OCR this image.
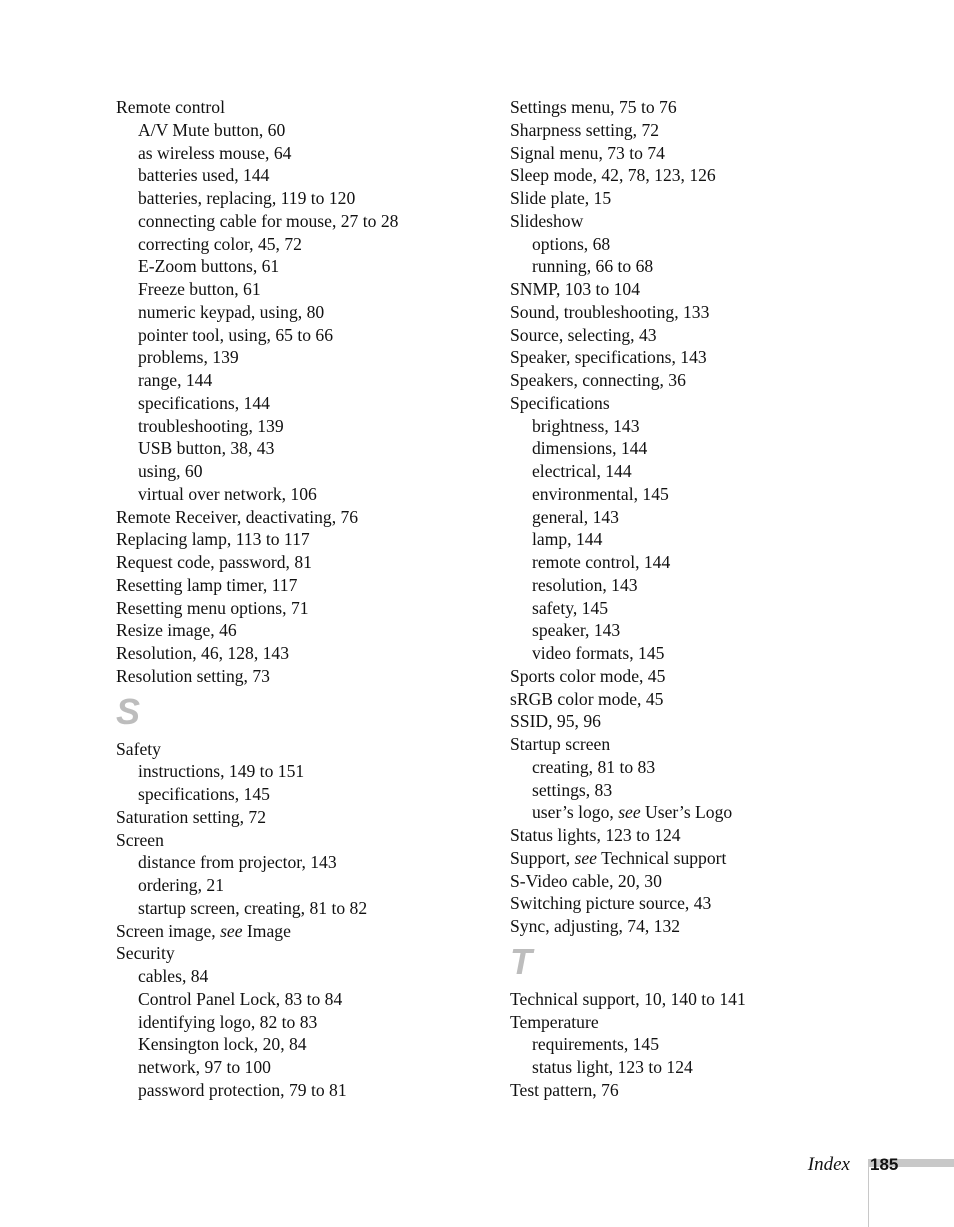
Remote control
A/V Mute button, 60
as wireless mouse, 64
batteries used, 144
batteries, replacing, 119 to 120
connecting cable for mouse, 27 to 28
correcting color, 45, 72
E-Zoom buttons, 61
Freeze button, 61
numeric keypad, using, 80
pointer tool, using, 65 to 66
problems, 139
range, 144
specifications, 144
troubleshooting, 139
USB button, 38, 43
using, 60
virtual over network, 106
Remote Receiver, deactivating, 76
Replacing lamp, 113 to 117
Request code, password, 81
Resetting lamp timer, 117
Resetting menu options, 71
Resize image, 46
Resolution, 46, 128, 143
Resolution setting, 73
S
Safety
instructions, 149 to 151
specifications, 145
Saturation setting, 72
Screen
distance from projector, 143
ordering, 21
startup screen, creating, 81 to 82
Screen image, see Image
Security
cables, 84
Control Panel Lock, 83 to 84
identifying logo, 82 to 83
Kensington lock, 20, 84
network, 97 to 100
password protection, 79 to 81
Settings menu, 75 to 76
Sharpness setting, 72
Signal menu, 73 to 74
Sleep mode, 42, 78, 123, 126
Slide plate, 15
Slideshow
options, 68
running, 66 to 68
SNMP, 103 to 104
Sound, troubleshooting, 133
Source, selecting, 43
Speaker, specifications, 143
Speakers, connecting, 36
Specifications
brightness, 143
dimensions, 144
electrical, 144
environmental, 145
general, 143
lamp, 144
remote control, 144
resolution, 143
safety, 145
speaker, 143
video formats, 145
Sports color mode, 45
sRGB color mode, 45
SSID, 95, 96
Startup screen
creating, 81 to 83
settings, 83
user’s logo, see User’s Logo
Status lights, 123 to 124
Support, see Technical support
S-Video cable, 20, 30
Switching picture source, 43
Sync, adjusting, 74, 132
T
Technical support, 10, 140 to 141
Temperature
requirements, 145
status light, 123 to 124
Test pattern, 76
Index 185
